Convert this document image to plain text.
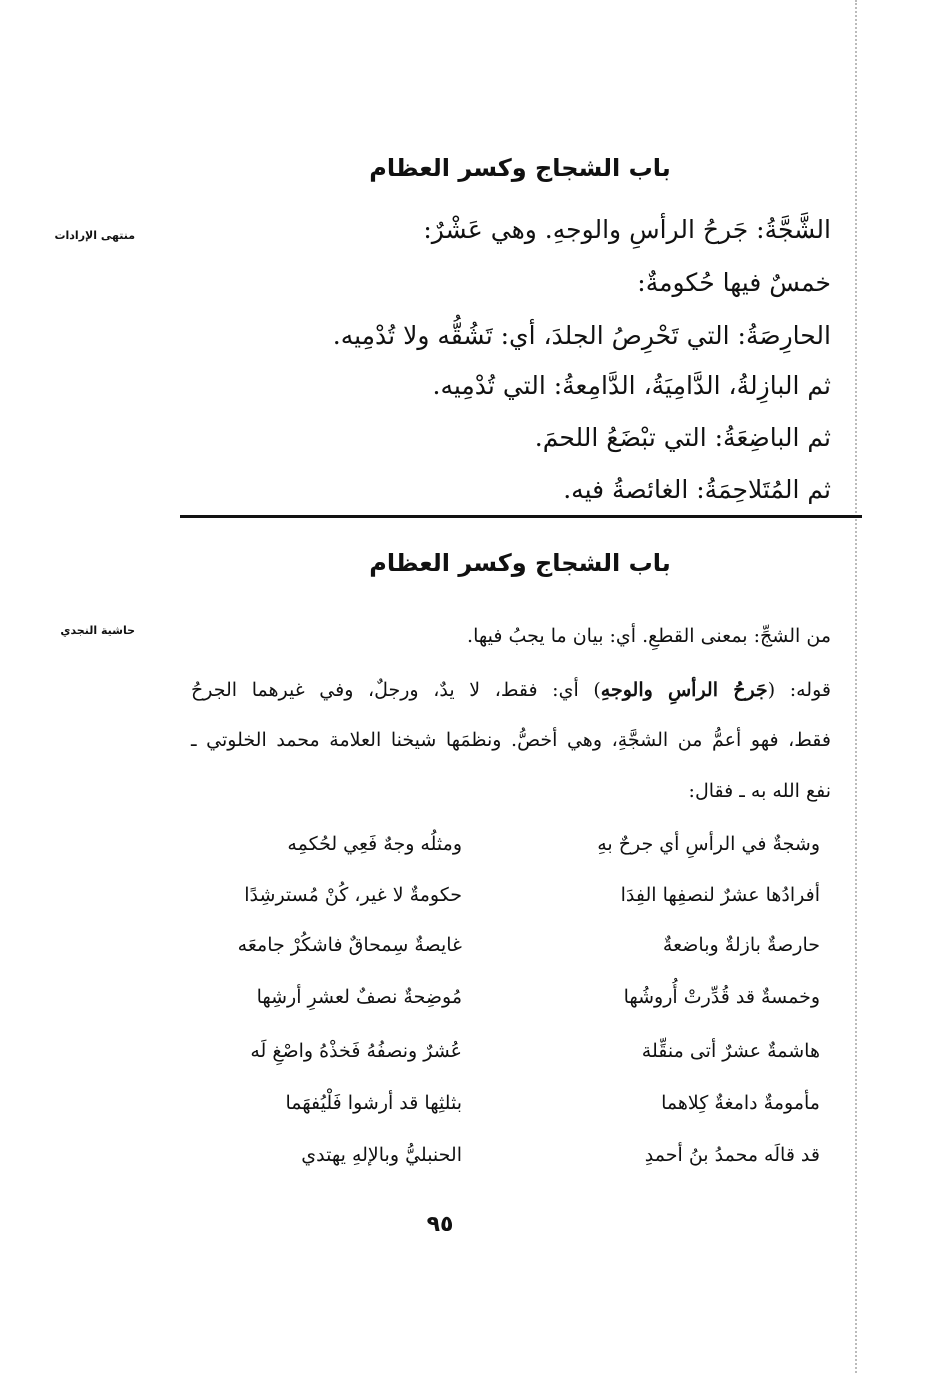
منتهى الإرادات
حاشية النجدي
باب الشجاج وكسر العظام
الشَّجَّةُ: جَرحُ الرأسِ والوجهِ. وهي عَشْرٌ:
خمسٌ فيها حُكومةٌ:
الحارِصَةُ: التي تَحْرِصُ الجلدَ، أي: تَشُقُّه ولا تُدْمِيه.
ثم البازِلةُ، الدَّامِيَةُ، الدَّامِعةُ: التي تُدْمِيه.
ثم الباضِعَةُ: التي تبْضَعُ اللحمَ.
ثم المُتَلاحِمَةُ: الغائصةُ فيه.
باب الشجاج وكسر العظام
من الشجِّ: بمعنى القطعِ. أي: بيان ما يجبُ فيها.
قوله: (جَرحُ الرأسِ والوجهِ) أي: فقط، لا يدٌ، ورجلٌ، وفي غيرهما الجرحُ
فقط، فهو أعمُّ من الشجَّةِ، وهي أخصُّ. ونظمَها شيخنا العلامة محمد الخلوتي ـ
نفع الله به ـ فقال:
وشجةٌ في الرأسِ أي جرحٌ بهِ
ومثلُه وجهٌ فَعِي لحُكمِه
أفرادُها عشرٌ لنصفِها الفِدَا
حكومةٌ لا غير، كُنْ مُسترشِدًا
حارصةٌ بازلةٌ وباضعةٌ
غايصةٌ سِمحاقٌ فاشكُرْ جامعَه
وخمسةٌ قد قُدِّرتْ أُروشُها
مُوضِحةٌ نصفٌ لعشرِ أرشِها
هاشمةٌ عشرٌ أتى منقِّلة
عُشرٌ ونصفُهُ فَخذْهُ واصْغِ لَه
مأمومةٌ دامغةٌ كِلاهما
بثلثِها قد أرشوا فَلْيُفهَما
قد قالَه محمدُ بنُ أحمدِ
الحنبليُّ وبالإلهِ يهتدي
٩٥
